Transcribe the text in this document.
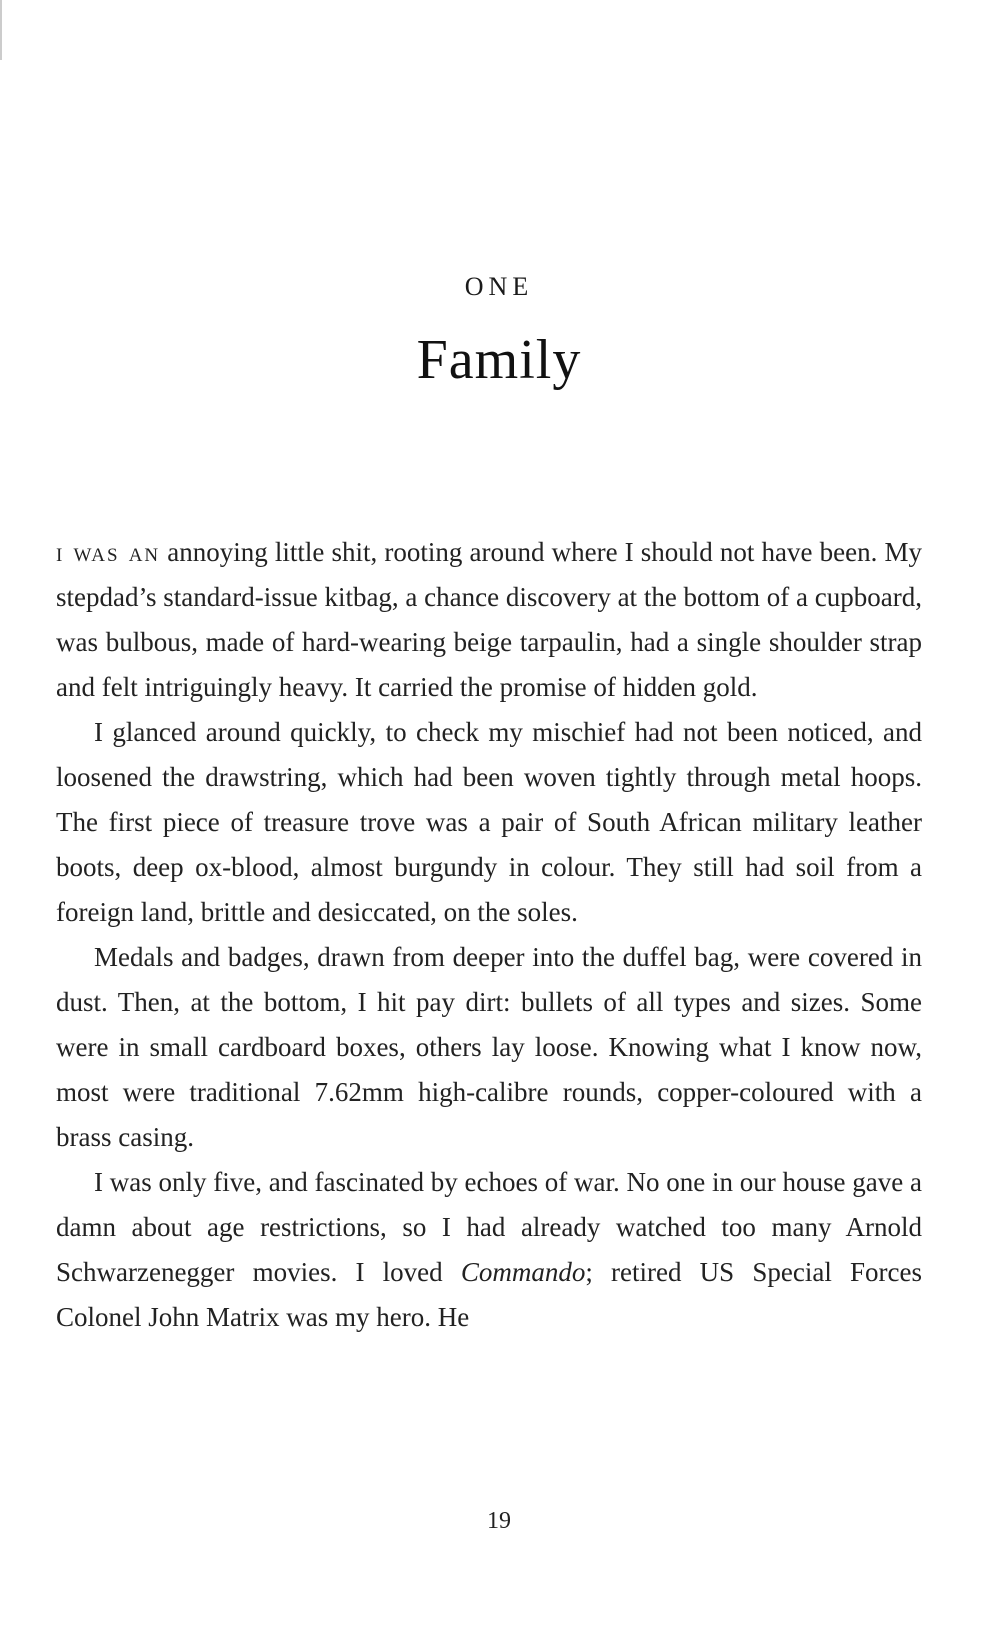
ONE
Family

i was an annoying little shit, rooting around where I should not have been. My stepdad’s standard-issue kitbag, a chance discovery at the bottom of a cupboard, was bulbous, made of hard-wearing beige tarpaulin, had a single shoulder strap and felt intriguingly heavy. It carried the promise of hidden gold.

I glanced around quickly, to check my mischief had not been noticed, and loosened the drawstring, which had been woven tightly through metal hoops. The first piece of treasure trove was a pair of South African military leather boots, deep ox-blood, almost burgundy in colour. They still had soil from a foreign land, brittle and desiccated, on the soles.

Medals and badges, drawn from deeper into the duffel bag, were covered in dust. Then, at the bottom, I hit pay dirt: bullets of all types and sizes. Some were in small cardboard boxes, others lay loose. Knowing what I know now, most were traditional 7.62mm high-calibre rounds, copper-coloured with a brass casing.

I was only five, and fascinated by echoes of war. No one in our house gave a damn about age restrictions, so I had already watched too many Arnold Schwarzenegger movies. I loved Commando; retired US Special Forces Colonel John Matrix was my hero. He

19
